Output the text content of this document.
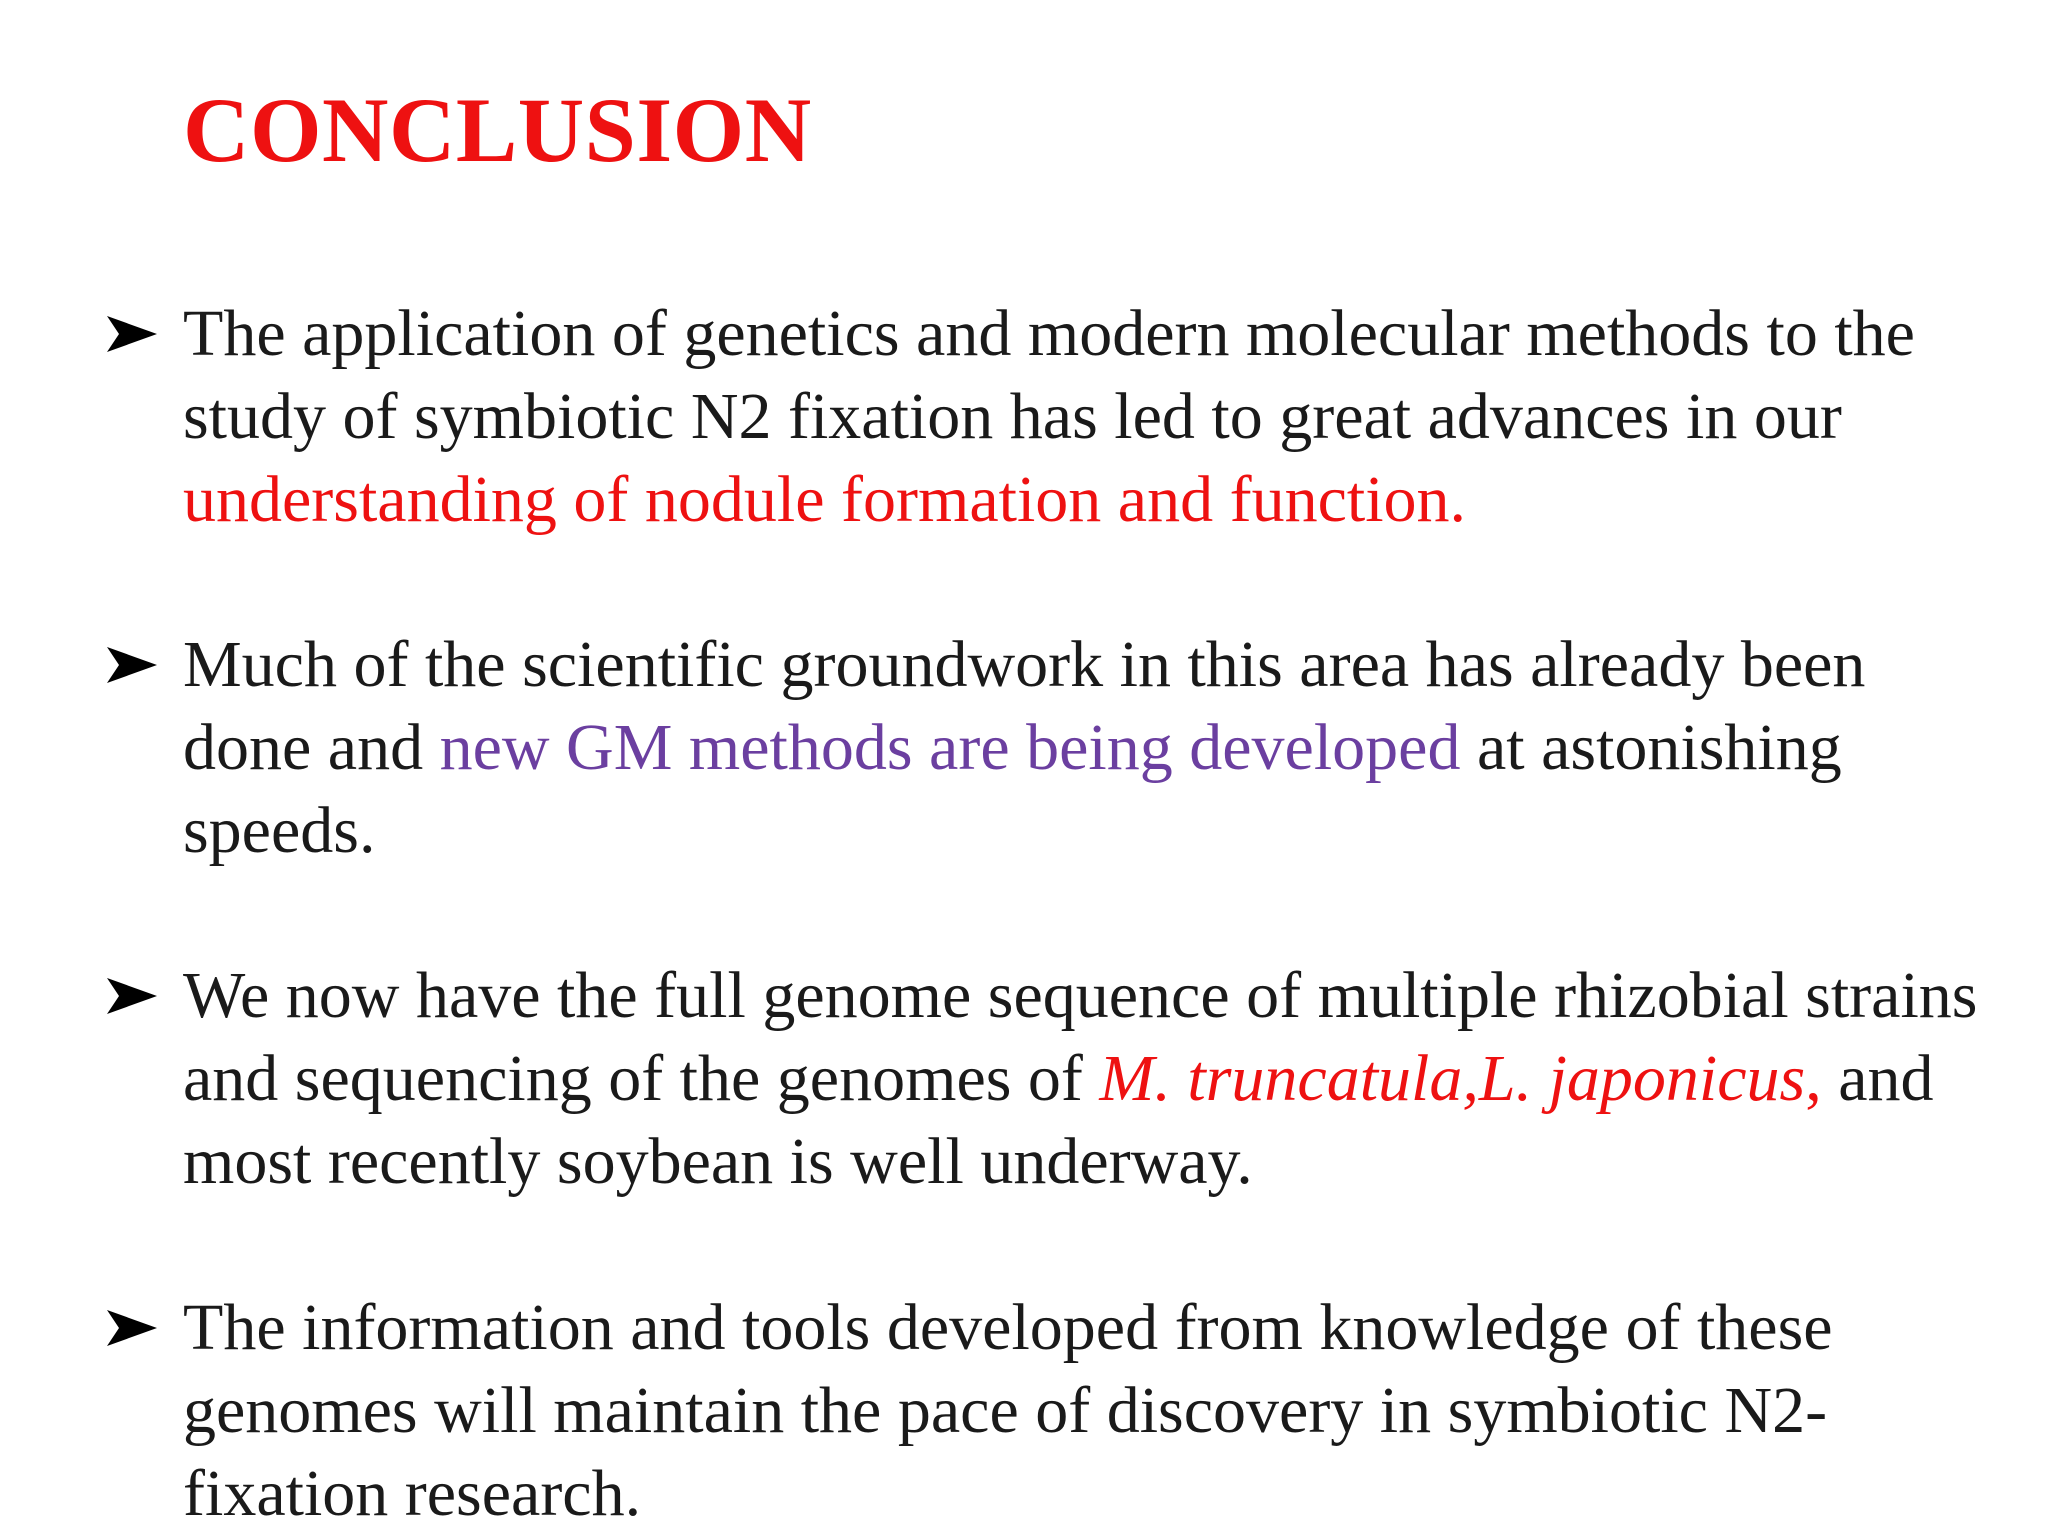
CONCLUSION

The application of genetics and modern molecular methods to the study of symbiotic N2 fixation has led to great advances in our understanding of nodule formation and function.

Much of the scientific groundwork in this area has already been done and new GM methods are being developed at astonishing speeds.

We now have the full genome sequence of multiple rhizobial strains and sequencing of the genomes of M. truncatula,L. japonicus, and most recently soybean is well underway.

The information and tools developed from knowledge of these genomes will maintain the pace of discovery in symbiotic N2-fixation research.
